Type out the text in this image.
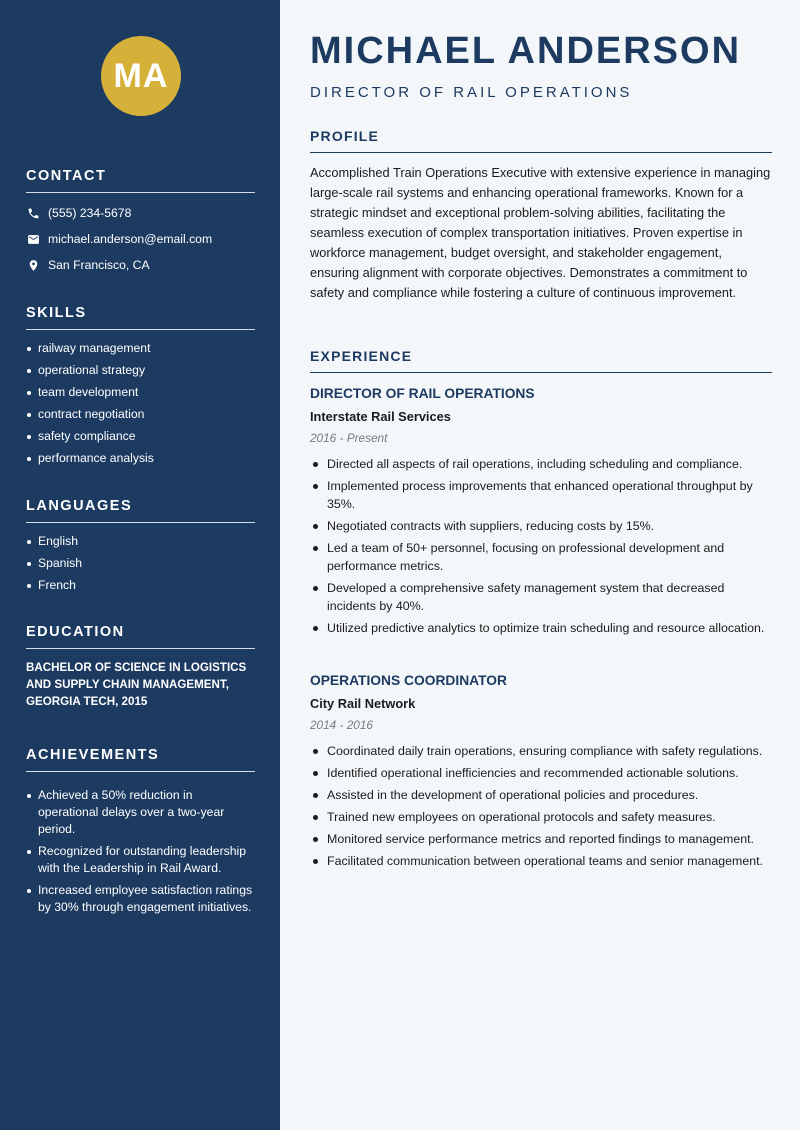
MA
CONTACT
(555) 234-5678
michael.anderson@email.com
San Francisco, CA
SKILLS
railway management
operational strategy
team development
contract negotiation
safety compliance
performance analysis
LANGUAGES
English
Spanish
French
EDUCATION
BACHELOR OF SCIENCE IN LOGISTICS AND SUPPLY CHAIN MANAGEMENT, GEORGIA TECH, 2015
ACHIEVEMENTS
Achieved a 50% reduction in operational delays over a two-year period.
Recognized for outstanding leadership with the Leadership in Rail Award.
Increased employee satisfaction ratings by 30% through engagement initiatives.
MICHAEL ANDERSON
DIRECTOR OF RAIL OPERATIONS
PROFILE
Accomplished Train Operations Executive with extensive experience in managing large-scale rail systems and enhancing operational frameworks. Known for a strategic mindset and exceptional problem-solving abilities, facilitating the seamless execution of complex transportation initiatives. Proven expertise in workforce management, budget oversight, and stakeholder engagement, ensuring alignment with corporate objectives. Demonstrates a commitment to safety and compliance while fostering a culture of continuous improvement.
EXPERIENCE
DIRECTOR OF RAIL OPERATIONS
Interstate Rail Services
2016 - Present
Directed all aspects of rail operations, including scheduling and compliance.
Implemented process improvements that enhanced operational throughput by 35%.
Negotiated contracts with suppliers, reducing costs by 15%.
Led a team of 50+ personnel, focusing on professional development and performance metrics.
Developed a comprehensive safety management system that decreased incidents by 40%.
Utilized predictive analytics to optimize train scheduling and resource allocation.
OPERATIONS COORDINATOR
City Rail Network
2014 - 2016
Coordinated daily train operations, ensuring compliance with safety regulations.
Identified operational inefficiencies and recommended actionable solutions.
Assisted in the development of operational policies and procedures.
Trained new employees on operational protocols and safety measures.
Monitored service performance metrics and reported findings to management.
Facilitated communication between operational teams and senior management.
